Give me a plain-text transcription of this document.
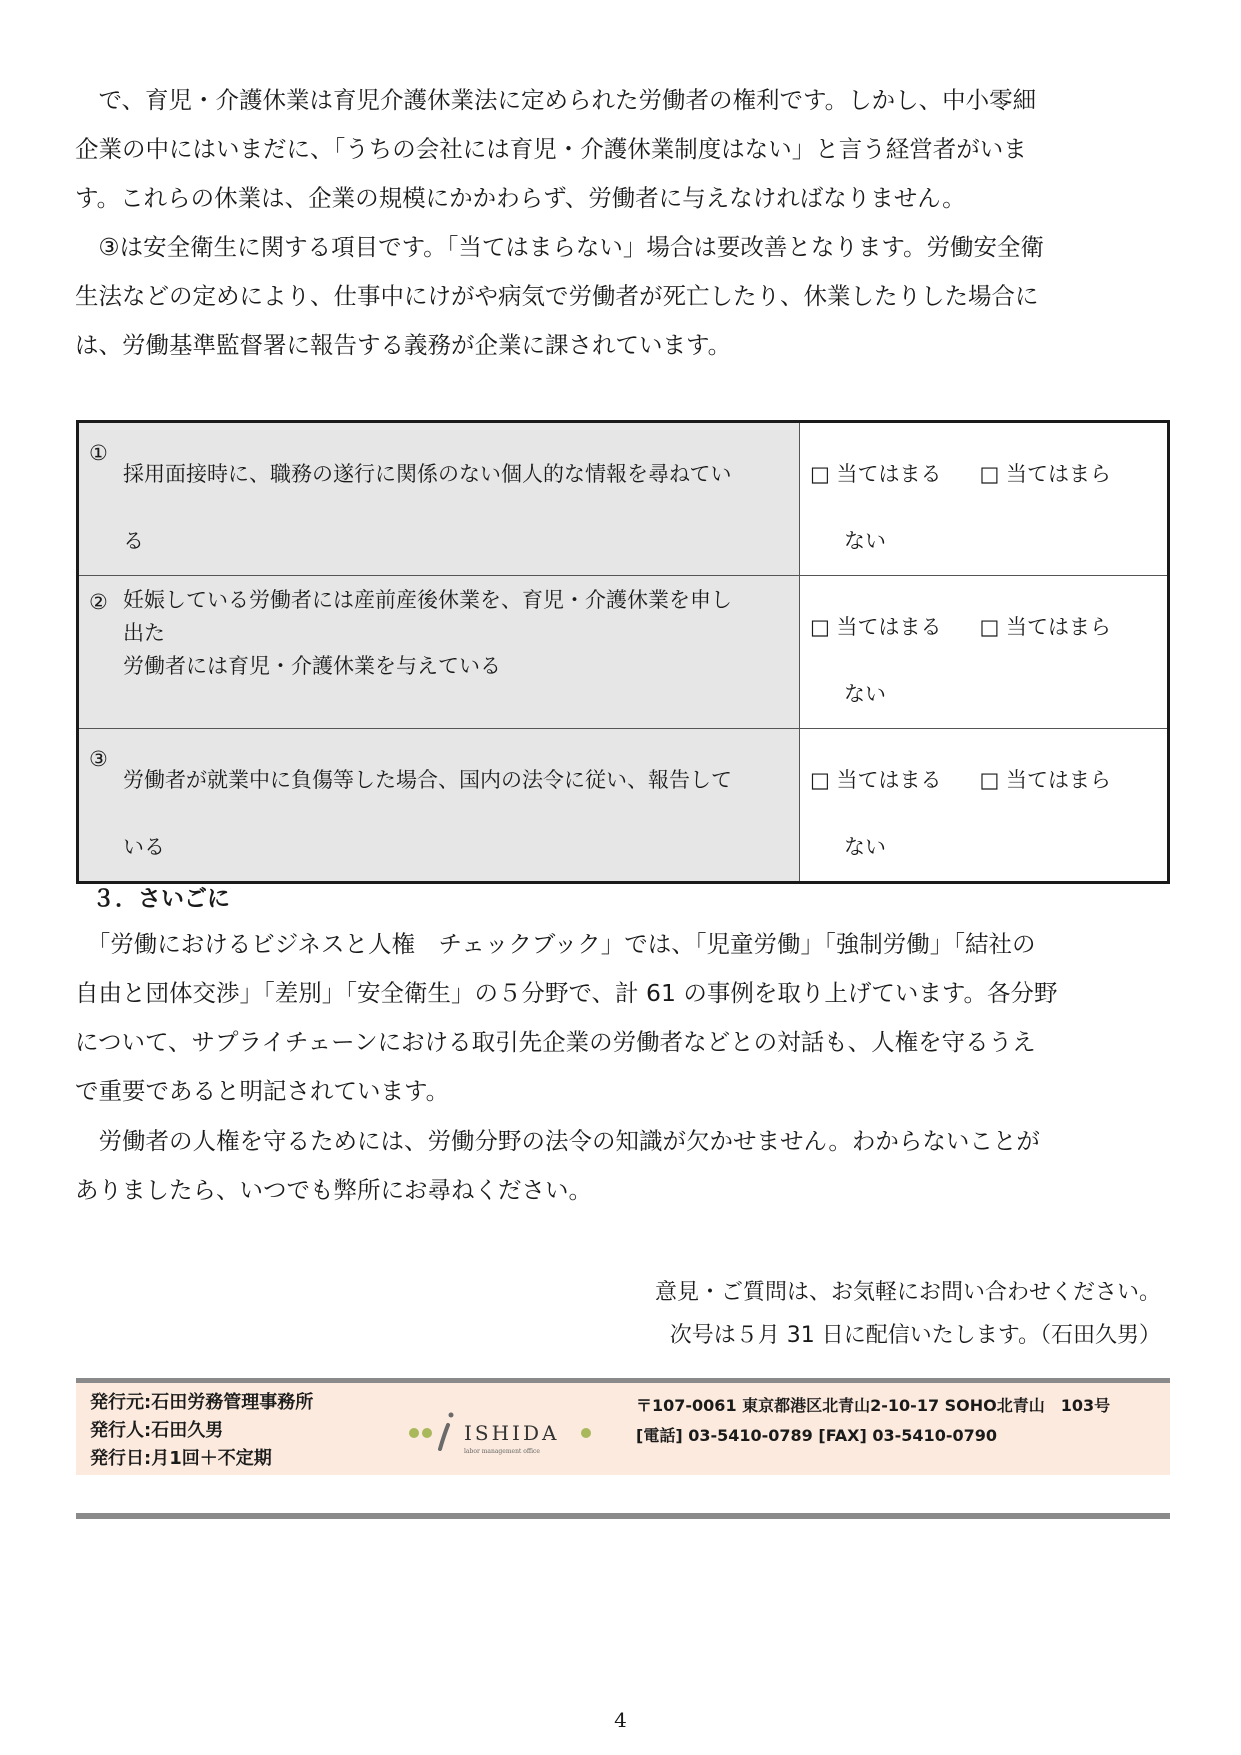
　で、育児・介護休業は育児介護休業法に定められた労働者の権利です。しかし、中小零細
企業の中にはいまだに、「うちの会社には育児・介護休業制度はない」と言う経営者がいま
す。これらの休業は、企業の規模にかかわらず、労働者に与えなければなりません。
　③は安全衛生に関する項目です。「当てはまらない」場合は要改善となります。労働安全衛
生法などの定めにより、仕事中にけがや病気で労働者が死亡したり、休業したりした場合に
は、労働基準監督署に報告する義務が企業に課されています。
①
採用面接時に、職務の遂行に関係のない個人的な情報を尋ねてい
る	□ 当てはまる □ 当てはまら
ない

② 妊娠している労働者には産前産後休業を、育児・介護休業を申し
出た
労働者には育児・介護休業を与えている	□ 当てはまる □ 当てはまら
ない

③
労働者が就業中に負傷等した場合、国内の法令に従い、報告して
いる	□ 当てはまる □ 当てはまら
ない
３．さいごに
　「労働におけるビジネスと人権　チェックブック」では、「児童労働」「強制労働」「結社の
自由と団体交渉」「差別」「安全衛生」の５分野で、計 61 の事例を取り上げています。各分野
について、サプライチェーンにおける取引先企業の労働者などとの対話も、人権を守るうえ
で重要であると明記されています。
　労働者の人権を守るためには、労働分野の法令の知識が欠かせません。わからないことが
ありましたら、いつでも弊所にお尋ねください。

意見・ご質問は、お気軽にお問い合わせください。

次号は５月 31 日に配信いたします。（石田久男）

発行元:石田労務管理事務所
発行人:石田久男
発行日:月1回＋不定期
ISHIDA
labor management office
〒107-0061 東京都港区北青山2-10-17 SOHO北青山　103号
[電話] 03-5410-0789 [FAX] 03-5410-0790
4
